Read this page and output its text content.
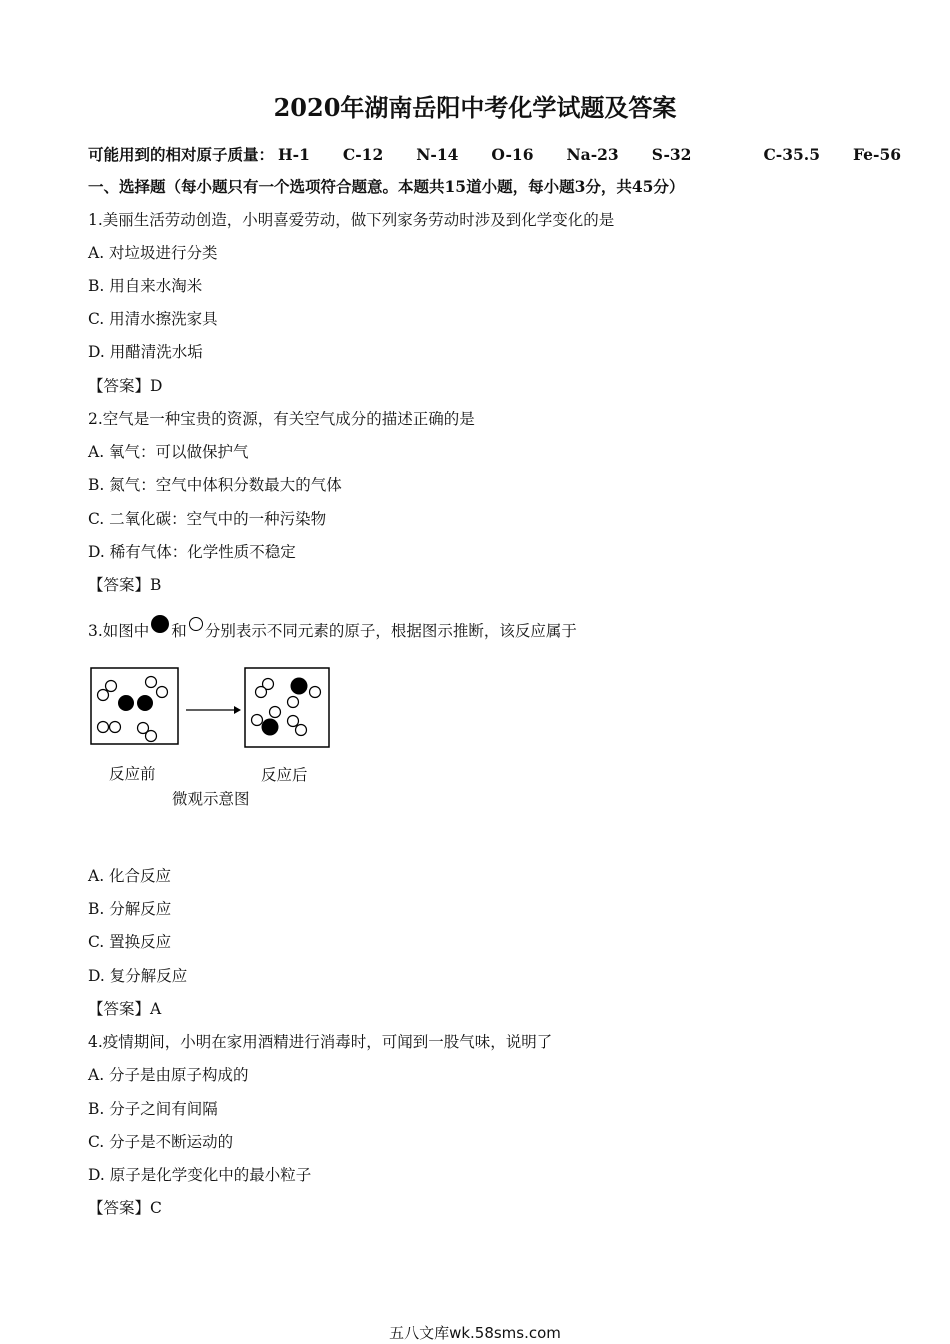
2020年湖南岳阳中考化学试题及答案
可能用到的相对原子质量： H-1 C-12 N-14 O-16 Na-23 S-32	C-35.5 Fe-56
一、选择题（每小题只有一个选项符合题意。本题共15道小题，每小题3分，共45分）
1.美丽生活劳动创造，小明喜爱劳动，做下列家务劳动时涉及到化学变化的是
A. 对垃圾进行分类
B. 用自来水淘米
C. 用清水擦洗家具
D. 用醋清洗水垢
【答案】D
2.空气是一种宝贵的资源，有关空气成分的描述正确的是
A. 氧气：可以做保护气
B. 氮气：空气中体积分数最大的气体
C. 二氧化碳：空气中的一种污染物
D. 稀有气体：化学性质不稳定
【答案】B
3.如图中 和 分别表示不同元素的原子，根据图示推断，该反应属于
反应前	反应后
微观示意图
A. 化合反应
B. 分解反应
C. 置换反应
D. 复分解反应
【答案】A
4.疫情期间，小明在家用酒精进行消毒时，可闻到一股气味，说明了
A. 分子是由原子构成的
B. 分子之间有间隔
C. 分子是不断运动的
D. 原子是化学变化中的最小粒子
【答案】C
五八文库wk.58sms.com
